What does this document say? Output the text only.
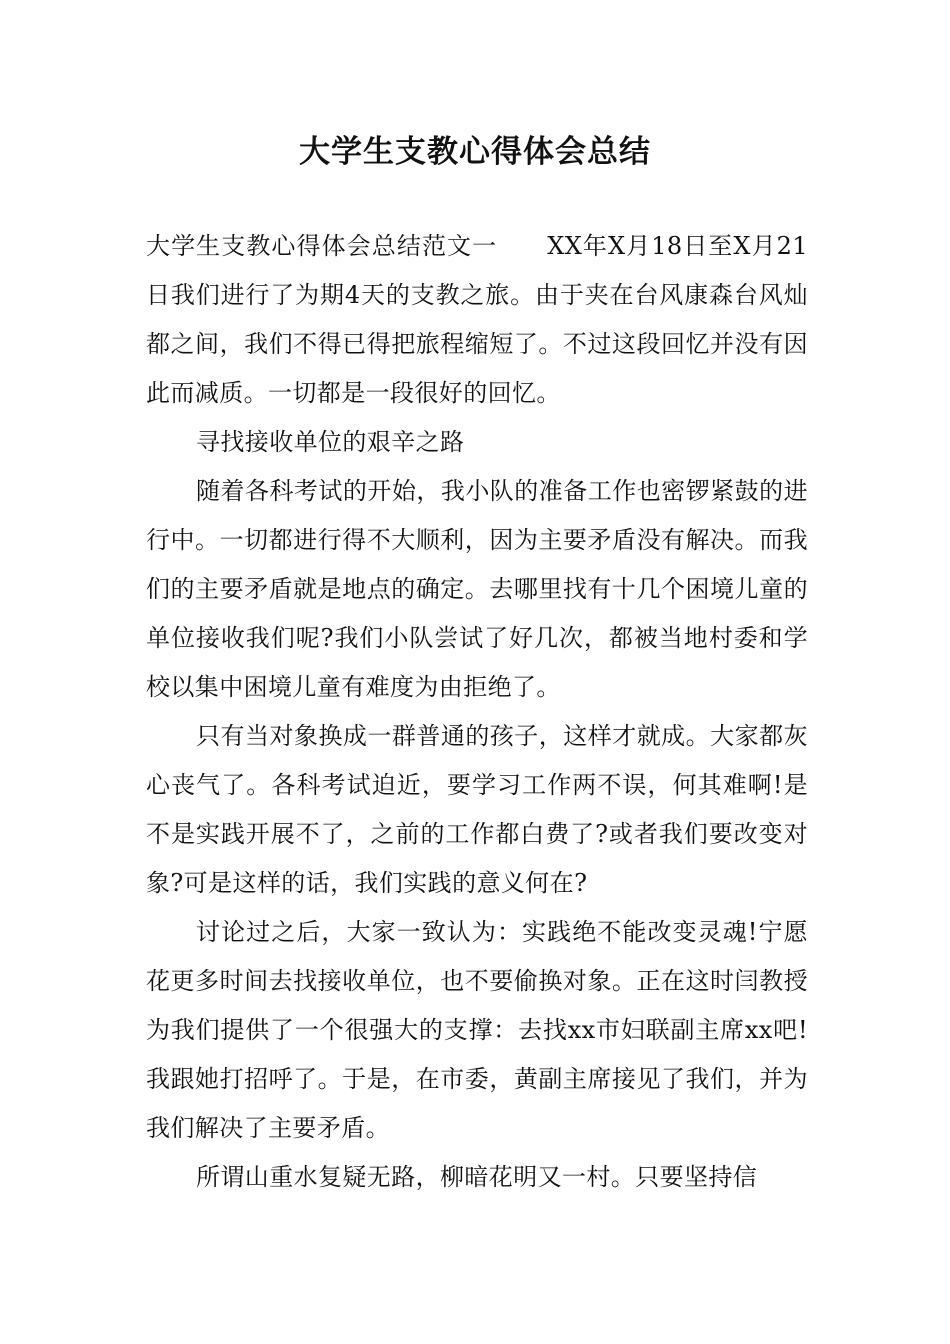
大学生支教心得体会总结

大学生支教心得体会总结范文一 XX年X月18日至X月21日我们进行了为期4天的支教之旅。由于夹在台风康森台风灿都之间，我们不得已得把旅程缩短了。不过这段回忆并没有因此而减质。一切都是一段很好的回忆。

寻找接收单位的艰辛之路

随着各科考试的开始，我小队的准备工作也密锣紧鼓的进行中。一切都进行得不大顺利，因为主要矛盾没有解决。而我们的主要矛盾就是地点的确定。去哪里找有十几个困境儿童的单位接收我们呢?我们小队尝试了好几次，都被当地村委和学校以集中困境儿童有难度为由拒绝了。

只有当对象换成一群普通的孩子，这样才就成。大家都灰心丧气了。各科考试迫近，要学习工作两不误，何其难啊!是不是实践开展不了，之前的工作都白费了?或者我们要改变对象?可是这样的话，我们实践的意义何在?

讨论过之后，大家一致认为：实践绝不能改变灵魂!宁愿花更多时间去找接收单位，也不要偷换对象。正在这时闫教授为我们提供了一个很强大的支撑：去找xx市妇联副主席xx吧!我跟她打招呼了。于是，在市委，黄副主席接见了我们，并为我们解决了主要矛盾。

所谓山重水复疑无路，柳暗花明又一村。只要坚持信
